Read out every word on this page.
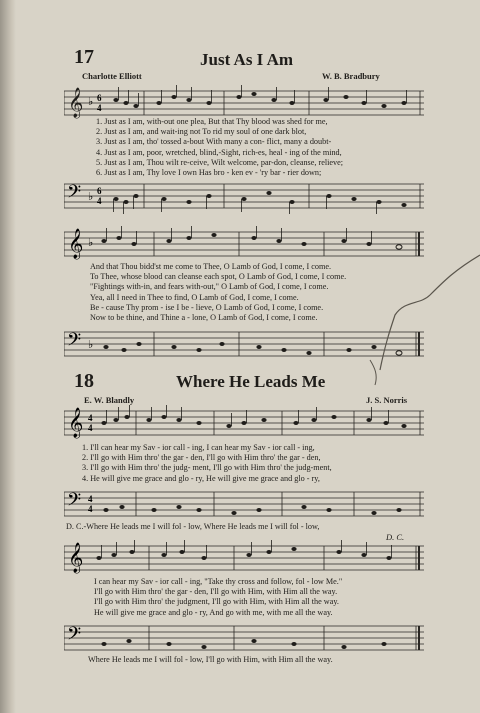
17	Just As I Am
Charlotte Elliott	W. B. Bradbury
𝄞 ♭ 6
4
1. Just as I am, with-out one plea, But that Thy blood was shed for me,
2. Just as I am, and wait-ing not To rid my soul of one dark blot,
3. Just as I am, tho' tossed a-bout With many a con- flict, many a doubt-
4. Just as I am, poor, wretched, blind,-Sight, rich-es, heal - ing of the mind,
5. Just as I am, Thou wilt re-ceive, Wilt welcome, par-don, cleanse, relieve;
6. Just as I am, Thy love I own Has bro - ken ev - 'ry bar - rier down;
𝄢 ♭ 6
4
𝄞 ♭
And that Thou bidd'st me come to Thee, O Lamb of God, I come, I come.
To Thee, whose blood can cleanse each spot, O Lamb of God, I come, I come.
"Fightings with-in, and fears with-out," O Lamb of God, I come, I come.
Yea, all I need in Thee to find, O Lamb of God, I come, I come.
Be - cause Thy prom - ise I be - lieve, O Lamb of God, I come, I come.
Now to be thine, and Thine a - lone, O Lamb of God, I come, I come.
𝄢 ♭
18	Where He Leads Me
E. W. Blandly	J. S. Norris
𝄞 4
4
1. I'll can hear my Sav - ior call - ing, I can hear my Sav - ior call - ing,
2. I'll go with Him thro' the gar - den, I'll go with Him thro' the gar - den,
3. I'll go with Him thro' the judg- ment, I'll go with Him thro' the judg-ment,
4. He will give me grace and glo - ry, He will give me grace and glo - ry,
𝄢 4
4
D. C.-Where He leads me I will fol - low, Where He leads me I will fol - low,
D. C.
𝄞
I can hear my Sav - ior call - ing, "Take thy cross and follow, fol - low Me."
I'll go with Him thro' the gar - den, I'll go with Him, with Him all the way.
I'll go with Him thro' the judgment, I'll go with Him, with Him all the way.
He will give me grace and glo - ry, And go with me, with me all the way.
𝄢
Where He leads me I will fol - low, I'll go with Him, with Him all the way.
